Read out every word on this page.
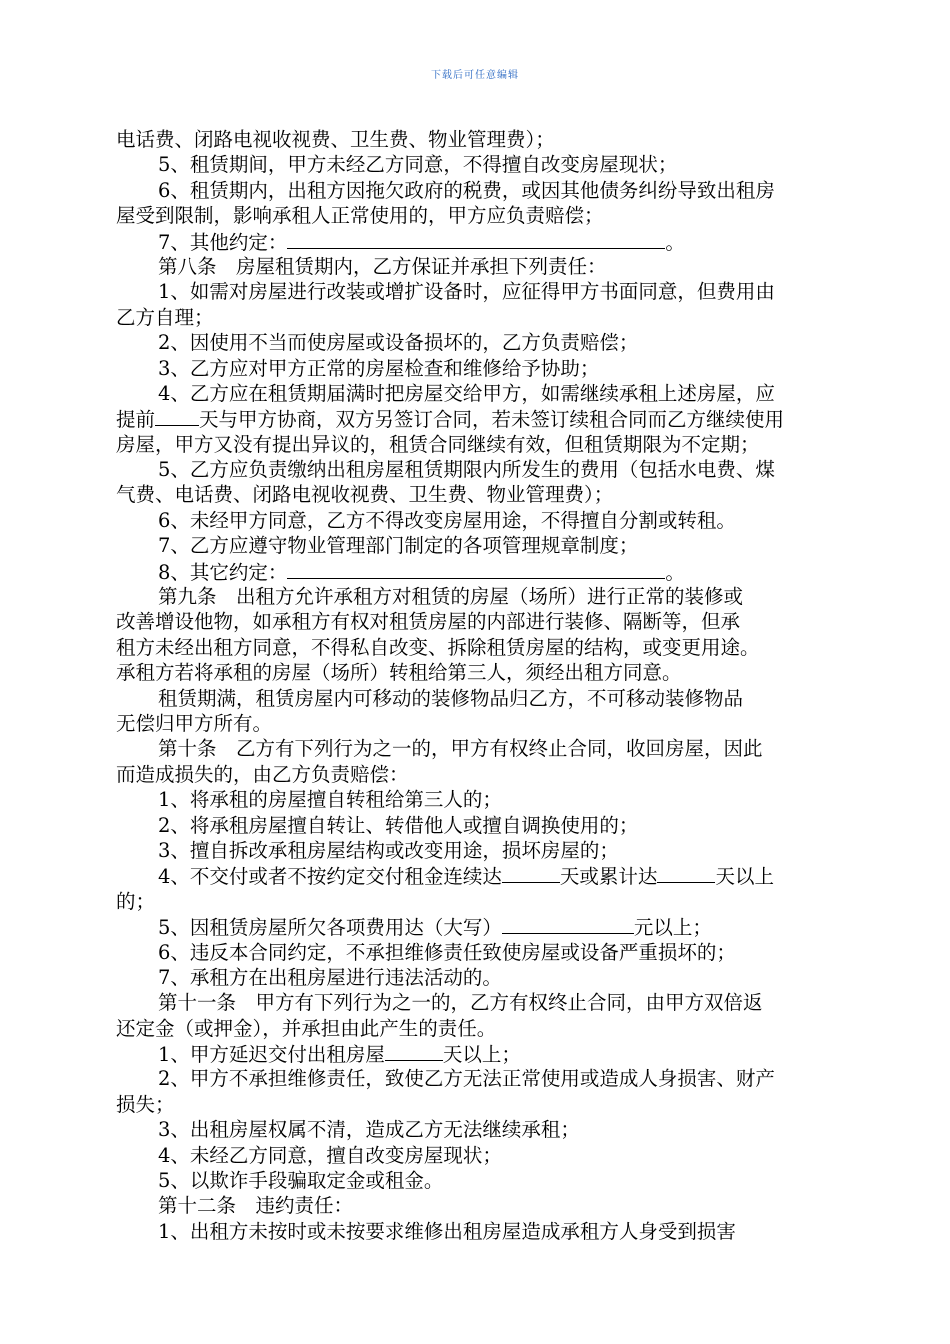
下载后可任意编辑
电话费、闭路电视收视费、卫生费、物业管理费）；
5、租赁期间，甲方未经乙方同意，不得擅自改变房屋现状；
6、租赁期内，出租方因拖欠政府的税费，或因其他债务纠纷导致出租房
屋受到限制，影响承租人正常使用的，甲方应负责赔偿；
7、其他约定：	。
第八条　房屋租赁期内，乙方保证并承担下列责任：
1、如需对房屋进行改装或增扩设备时，应征得甲方书面同意，但费用由
乙方自理；
2、因使用不当而使房屋或设备损坏的，乙方负责赔偿；
3、乙方应对甲方正常的房屋检查和维修给予协助；
4、乙方应在租赁期届满时把房屋交给甲方，如需继续承租上述房屋，应
提前 天与甲方协商，双方另签订合同，若未签订续租合同而乙方继续使用
房屋，甲方又没有提出异议的，租赁合同继续有效，但租赁期限为不定期；
5、乙方应负责缴纳出租房屋租赁期限内所发生的费用（包括水电费、煤
气费、电话费、闭路电视收视费、卫生费、物业管理费）；
6、未经甲方同意，乙方不得改变房屋用途，不得擅自分割或转租。
7、乙方应遵守物业管理部门制定的各项管理规章制度；
8、其它约定：	。
第九条　出租方允许承租方对租赁的房屋（场所）进行正常的装修或
改善增设他物，如承租方有权对租赁房屋的内部进行装修、隔断等，但承
租方未经出租方同意，不得私自改变、拆除租赁房屋的结构，或变更用途。
承租方若将承租的房屋（场所）转租给第三人，须经出租方同意。
租赁期满，租赁房屋内可移动的装修物品归乙方，不可移动装修物品
无偿归甲方所有。
第十条　乙方有下列行为之一的，甲方有权终止合同，收回房屋，因此
而造成损失的，由乙方负责赔偿：
1、将承租的房屋擅自转租给第三人的；
2、将承租房屋擅自转让、转借他人或擅自调换使用的；
3、擅自拆改承租房屋结构或改变用途，损坏房屋的；
4、不交付或者不按约定交付租金连续达	天或累计达	天以上
的；
5、因租赁房屋所欠各项费用达（大写）	元以上；
6、违反本合同约定，不承担维修责任致使房屋或设备严重损坏的；
7、承租方在出租房屋进行违法活动的。
第十一条　甲方有下列行为之一的，乙方有权终止合同，由甲方双倍返
还定金（或押金），并承担由此产生的责任。
1、甲方延迟交付出租房屋	天以上；
2、甲方不承担维修责任，致使乙方无法正常使用或造成人身损害、财产
损失；
3、出租房屋权属不清，造成乙方无法继续承租；
4、未经乙方同意，擅自改变房屋现状；
5、以欺诈手段骗取定金或租金。
第十二条　违约责任：
1、出租方未按时或未按要求维修出租房屋造成承租方人身受到损害
